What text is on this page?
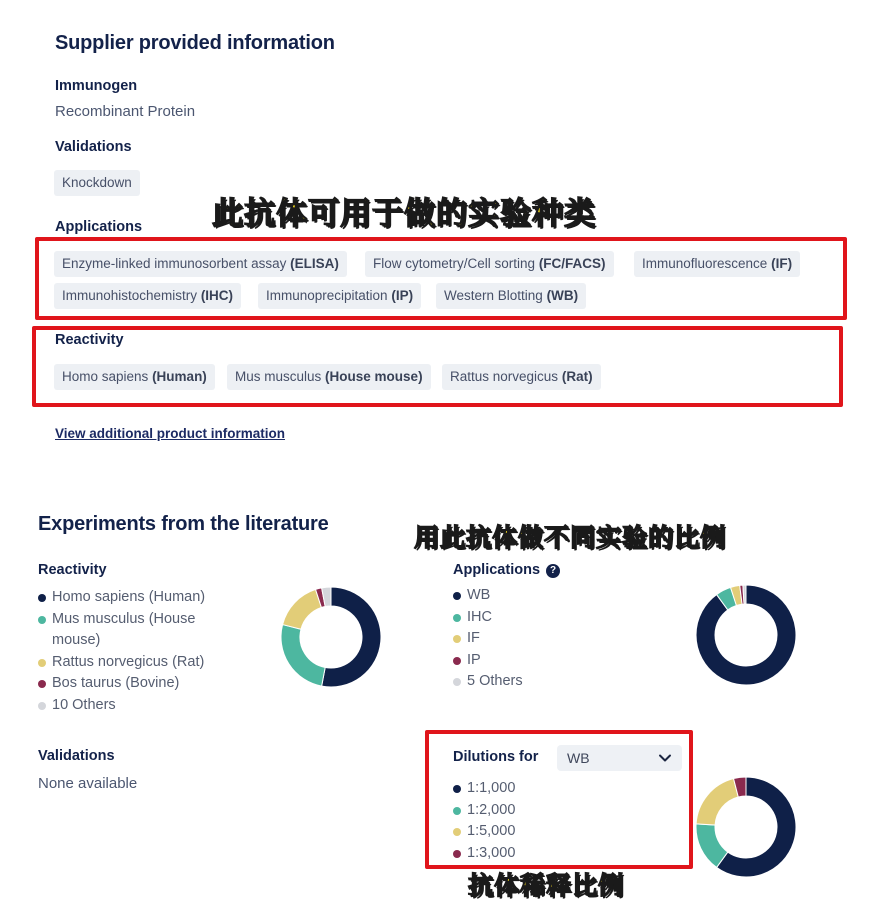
Supplier provided information
Immunogen
Recombinant Protein
Validations
Knockdown
Applications
Enzyme-linked immunosorbent assay (ELISA)	Flow cytometry/Cell sorting (FC/FACS)	Immunofluorescence (IF)
Immunohistochemistry (IHC)	Immunoprecipitation (IP)	Western Blotting (WB)
此抗体可用于做的实验种类
Reactivity
Homo sapiens (Human)	Mus musculus (House mouse)	Rattus norvegicus (Rat)
View additional product information
Experiments from the literature	用此抗体做不同实验的比例
Reactivity
Homo sapiens (Human)
Mus musculus (House mouse)
Rattus norvegicus (Rat)
Bos taurus (Bovine)
10 Others
Applications ?
WB
IHC
IF
IP
5 Others
Validations
None available
Dilutions for WB
1:1,000
1:2,000
1:5,000
1:3,000
抗体稀释比例
